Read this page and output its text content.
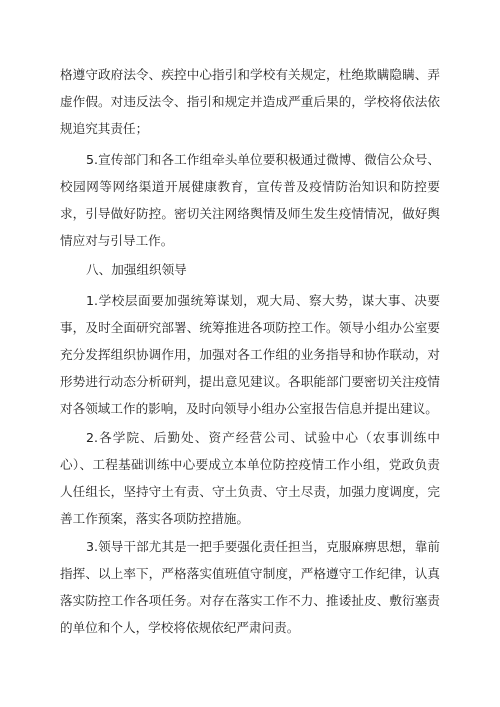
格遵守政府法令、疾控中心指引和学校有关规定，杜绝欺瞒隐瞒、弄虚作假。对违反法令、指引和规定并造成严重后果的，学校将依法依规追究其责任；

5.宣传部门和各工作组牵头单位要积极通过微博、微信公众号、校园网等网络渠道开展健康教育，宣传普及疫情防治知识和防控要求，引导做好防控。密切关注网络舆情及师生发生疫情情况，做好舆情应对与引导工作。

八、加强组织领导

1.学校层面要加强统筹谋划，观大局、察大势，谋大事、决要事，及时全面研究部署、统筹推进各项防控工作。领导小组办公室要充分发挥组织协调作用，加强对各工作组的业务指导和协作联动，对形势进行动态分析研判，提出意见建议。各职能部门要密切关注疫情对各领域工作的影响，及时向领导小组办公室报告信息并提出建议。

2.各学院、后勤处、资产经营公司、试验中心（农事训练中心）、工程基础训练中心要成立本单位防控疫情工作小组，党政负责人任组长，坚持守土有责、守土负责、守土尽责，加强力度调度，完善工作预案，落实各项防控措施。

3.领导干部尤其是一把手要强化责任担当，克服麻痹思想，靠前指挥、以上率下，严格落实值班值守制度，严格遵守工作纪律，认真落实防控工作各项任务。对存在落实工作不力、推诿扯皮、敷衍塞责的单位和个人，学校将依规依纪严肃问责。
